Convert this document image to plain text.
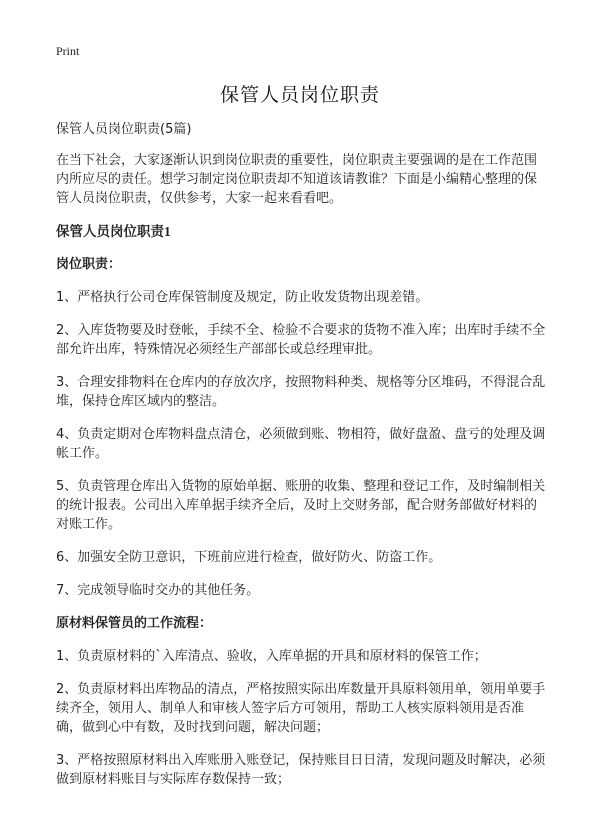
Print
保管人员岗位职责

保管人员岗位职责(5篇)

在当下社会，大家逐渐认识到岗位职责的重要性，岗位职责主要强调的是在工作范围内所应尽的责任。想学习制定岗位职责却不知道该请教谁？下面是小编精心整理的保管人员岗位职责，仅供参考，大家一起来看看吧。

保管人员岗位职责1

岗位职责：

1、严格执行公司仓库保管制度及规定，防止收发货物出现差错。

2、入库货物要及时登帐，手续不全、检验不合要求的货物不准入库；出库时手续不全部允许出库，特殊情况必须经生产部部长或总经理审批。

3、合理安排物料在仓库内的存放次序，按照物料种类、规格等分区堆码，不得混合乱堆，保持仓库区域内的整洁。

4、负责定期对仓库物料盘点清仓，必须做到账、物相符，做好盘盈、盘亏的处理及调帐工作。

5、负责管理仓库出入货物的原始单据、账册的收集、整理和登记工作，及时编制相关的统计报表。公司出入库单据手续齐全后，及时上交财务部，配合财务部做好材料的对账工作。

6、加强安全防卫意识，下班前应进行检查，做好防火、防盗工作。

7、完成领导临时交办的其他任务。

原材料保管员的工作流程：

1、负责原材料的`入库清点、验收，入库单据的开具和原材料的保管工作；

2、负责原材料出库物品的清点，严格按照实际出库数量开具原料领用单，领用单要手续齐全，领用人、制单人和审核人签字后方可领用，帮助工人核实原料领用是否准确，做到心中有数，及时找到问题，解决问题；

3、严格按照原材料出入库账册入账登记，保持账目日日清，发现问题及时解决，必须做到原材料账目与实际库存数保持一致；
